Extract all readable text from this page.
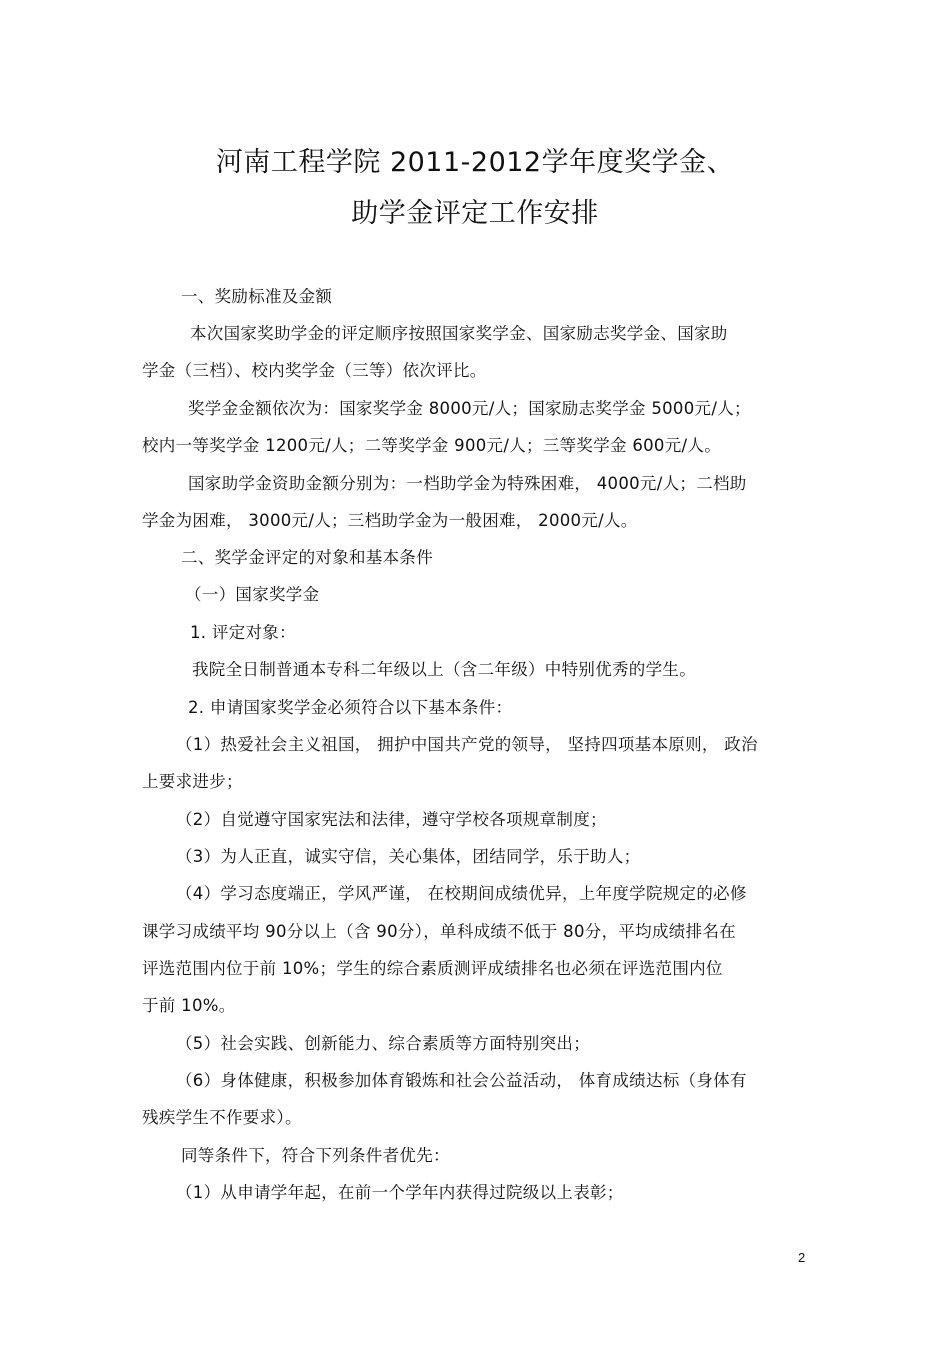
河南工程学院 2011-2012学年度奖学金、
助学金评定工作安排
一、奖励标准及金额
本次国家奖助学金的评定顺序按照国家奖学金、国家励志奖学金、国家助
学金（三档）、校内奖学金（三等）依次评比。
奖学金金额依次为：国家奖学金 8000元/人；国家励志奖学金 5000元/人；
校内一等奖学金 1200元/人；二等奖学金 900元/人；三等奖学金 600元/人。
国家助学金资助金额分别为：一档助学金为特殊困难， 4000元/人；二档助
学金为困难， 3000元/人；三档助学金为一般困难， 2000元/人。
二、奖学金评定的对象和基本条件
（一）国家奖学金
1. 评定对象：
我院全日制普通本专科二年级以上（含二年级）中特别优秀的学生。
2. 申请国家奖学金必须符合以下基本条件：
（1）热爱社会主义祖国， 拥护中国共产党的领导， 坚持四项基本原则， 政治
上要求进步；
（2）自觉遵守国家宪法和法律，遵守学校各项规章制度；
（3）为人正直，诚实守信，关心集体，团结同学，乐于助人；
（4）学习态度端正，学风严谨， 在校期间成绩优异，上年度学院规定的必修
课学习成绩平均 90分以上（含 90分），单科成绩不低于 80分，平均成绩排名在
评选范围内位于前 10%；学生的综合素质测评成绩排名也必须在评选范围内位
于前 10%。
（5）社会实践、创新能力、综合素质等方面特别突出；
（6）身体健康，积极参加体育锻炼和社会公益活动， 体育成绩达标（身体有
残疾学生不作要求）。
同等条件下，符合下列条件者优先：
（1）从申请学年起，在前一个学年内获得过院级以上表彰；
2
